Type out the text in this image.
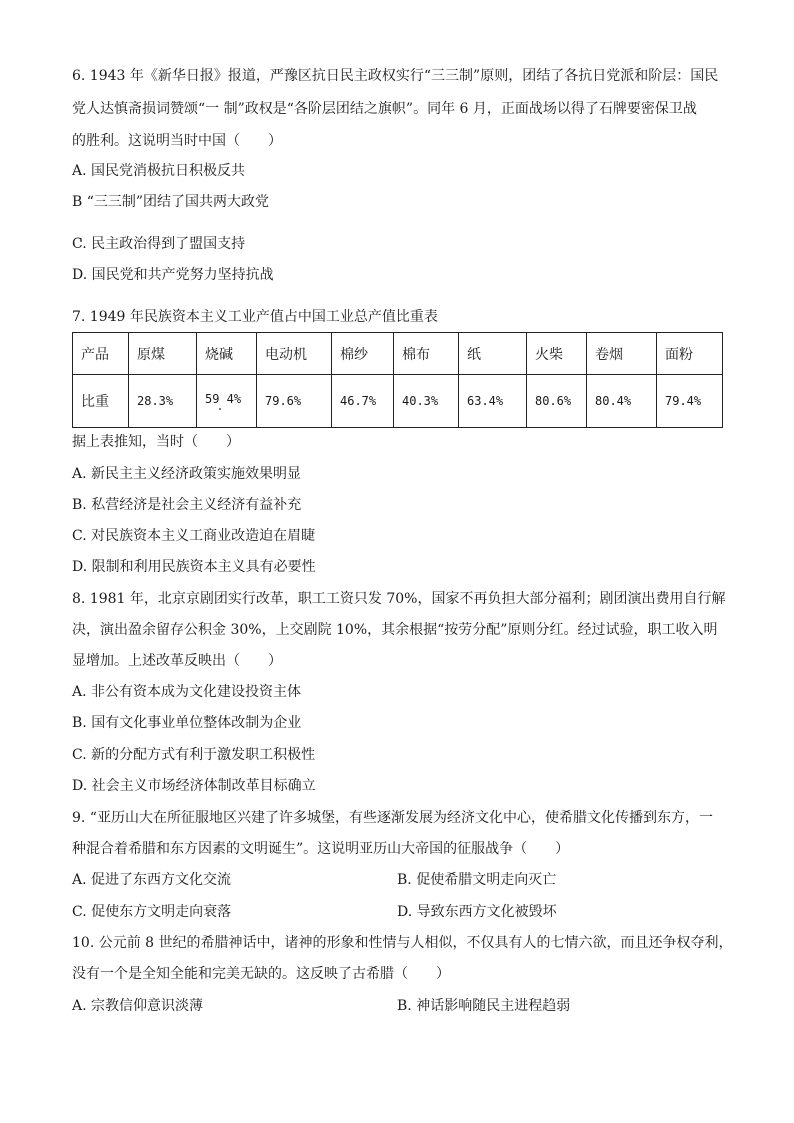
6. 1943 年《新华日报》报道，严豫区抗日民主政权实行“三三制”原则，团结了各抗日党派和阶层：国民
党人达慎斋损词赞颂“一 制”政权是“各阶层团结之旗帜”。同年 6 月，正面战场以得了石牌要密保卫战
的胜利。这说明当时中国（　　）
A. 国民党消极抗日积极反共
B “三三制”团结了国共两大政党
C. 民主政治得到了盟国支持
D. 国民党和共产党努力坚持抗战
7. 1949 年民族资本主义工业产值占中国工业总产值比重表
产品	原煤	烧碱	电动机	棉纱	棉布	纸	火柴	卷烟	面粉
比重	28.3%	59 4%	79.6%	46.7%	40.3%	63.4%	80.6%	80.4%	79.4%
据上表推知，当时（　　）
A. 新民主主义经济政策实施效果明显
B. 私营经济是社会主义经济有益补充
C. 对民族资本主义工商业改造迫在眉睫
D. 限制和利用民族资本主义具有必要性
8. 1981 年，北京京剧团实行改革，职工工资只发 70%，国家不再负担大部分福利；剧团演出费用自行解
决，演出盈余留存公积金 30%，上交剧院 10%，其余根据“按劳分配”原则分红。经过试验，职工收入明
显增加。上述改革反映出（　　）
A. 非公有资本成为文化建设投资主体
B. 国有文化事业单位整体改制为企业
C. 新的分配方式有利于激发职工积极性
D. 社会主义市场经济体制改革目标确立
9. “亚历山大在所征服地区兴建了许多城堡，有些逐渐发展为经济文化中心，使希腊文化传播到东方，一
种混合着希腊和东方因素的文明诞生”。这说明亚历山大帝国的征服战争（　　）
A. 促进了东西方文化交流	B. 促使希腊文明走向灭亡
C. 促使东方文明走向衰落	D. 导致东西方文化被毁坏
10. 公元前 8 世纪的希腊神话中，诸神的形象和性情与人相似，不仅具有人的七情六欲，而且还争权夺利，
没有一个是全知全能和完美无缺的。这反映了古希腊（　　）
A. 宗教信仰意识淡薄	B. 神话影响随民主进程趋弱
